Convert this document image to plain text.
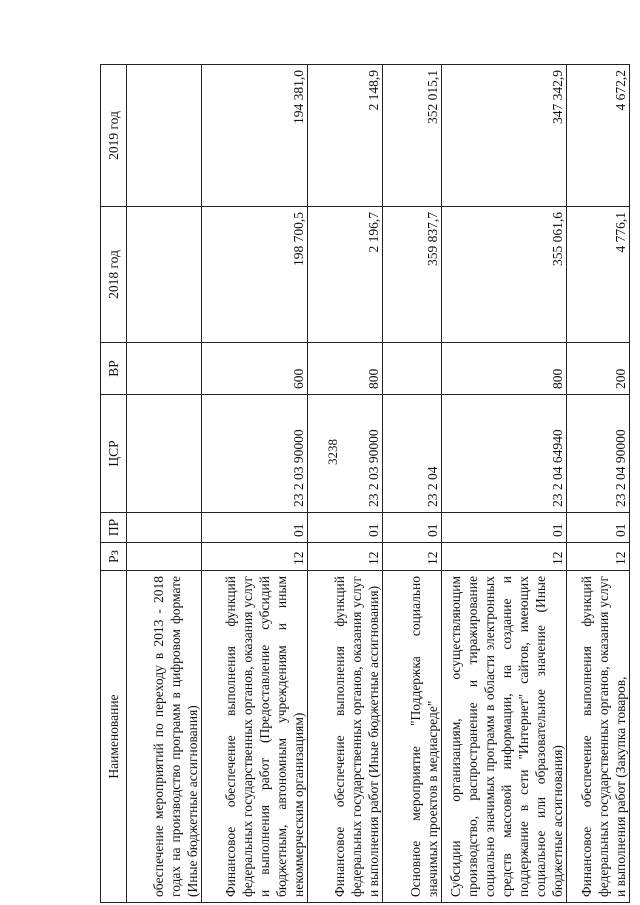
3238
Наименование	Рз	ПР	ЦСР	ВР	2018 год	2019 год
обеспечение мероприятий по переходу в 2013 - 2018 годах на производство программ в цифровом формате (Иные бюджетные ассигнования)						
Финансовое обеспечение выполнения функций федеральных государственных органов, оказания услуг и выполнения работ (Предоставление субсидий бюджетным, автономным учреждениям и иным некоммерческим организациям)	12	01	23 2 03 90000	600	198 700,5	194 381,0
Финансовое обеспечение выполнения функций федеральных государственных органов, оказания услуг и выполнения работ (Иные бюджетные ассигнования)	12	01	23 2 03 90000	800	2 196,7	2 148,9
Основное мероприятие "Поддержка социально значимых проектов в медиасреде"	12	01	23 2 04		359 837,7	352 015,1
Субсидии организациям, осуществляющим производство, распространение и тиражирование социально значимых программ в области электронных средств массовой информации, на создание и поддержание в сети "Интернет" сайтов, имеющих социальное или образовательное значение (Иные бюджетные ассигнования)	12	01	23 2 04 64940	800	355 061,6	347 342,9
Финансовое обеспечение выполнения функций федеральных государственных органов, оказания услуг и выполнения работ (Закупка товаров,	12	01	23 2 04 90000	200	4 776,1	4 672,2
